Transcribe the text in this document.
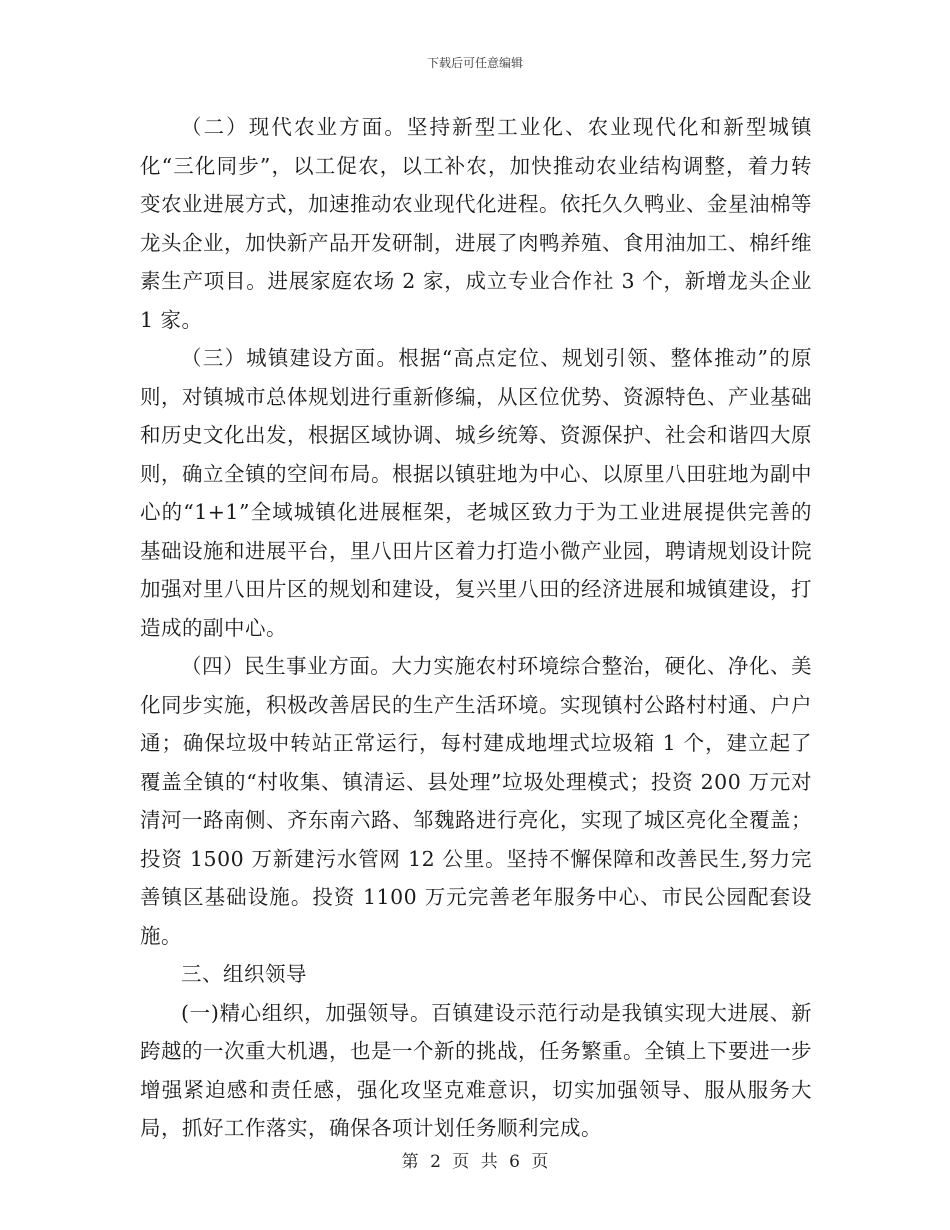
下载后可任意编辑

（二）现代农业方面。坚持新型工业化、农业现代化和新型城镇化“三化同步”，以工促农，以工补农，加快推动农业结构调整，着力转变农业进展方式，加速推动农业现代化进程。依托久久鸭业、金星油棉等龙头企业，加快新产品开发研制，进展了肉鸭养殖、食用油加工、棉纤维素生产项目。进展家庭农场 2 家，成立专业合作社 3 个，新增龙头企业 1 家。

（三）城镇建设方面。根据“高点定位、规划引领、整体推动”的原则，对镇城市总体规划进行重新修编，从区位优势、资源特色、产业基础和历史文化出发，根据区域协调、城乡统筹、资源保护、社会和谐四大原则，确立全镇的空间布局。根据以镇驻地为中心、以原里八田驻地为副中心的“1+1”全域城镇化进展框架，老城区致力于为工业进展提供完善的基础设施和进展平台，里八田片区着力打造小微产业园，聘请规划设计院加强对里八田片区的规划和建设，复兴里八田的经济进展和城镇建设，打造成的副中心。

（四）民生事业方面。大力实施农村环境综合整治，硬化、净化、美化同步实施，积极改善居民的生产生活环境。实现镇村公路村村通、户户通；确保垃圾中转站正常运行，每村建成地埋式垃圾箱 1 个，建立起了覆盖全镇的“村收集、镇清运、县处理”垃圾处理模式；投资 200 万元对清河一路南侧、齐东南六路、邹魏路进行亮化，实现了城区亮化全覆盖；投资 1500 万新建污水管网 12 公里。坚持不懈保障和改善民生,努力完善镇区基础设施。投资 1100 万元完善老年服务中心、市民公园配套设施。

三、组织领导

(一)精心组织，加强领导。百镇建设示范行动是我镇实现大进展、新跨越的一次重大机遇，也是一个新的挑战，任务繁重。全镇上下要进一步增强紧迫感和责任感，强化攻坚克难意识，切实加强领导、服从服务大局，抓好工作落实，确保各项计划任务顺利完成。

第 2 页 共 6 页
